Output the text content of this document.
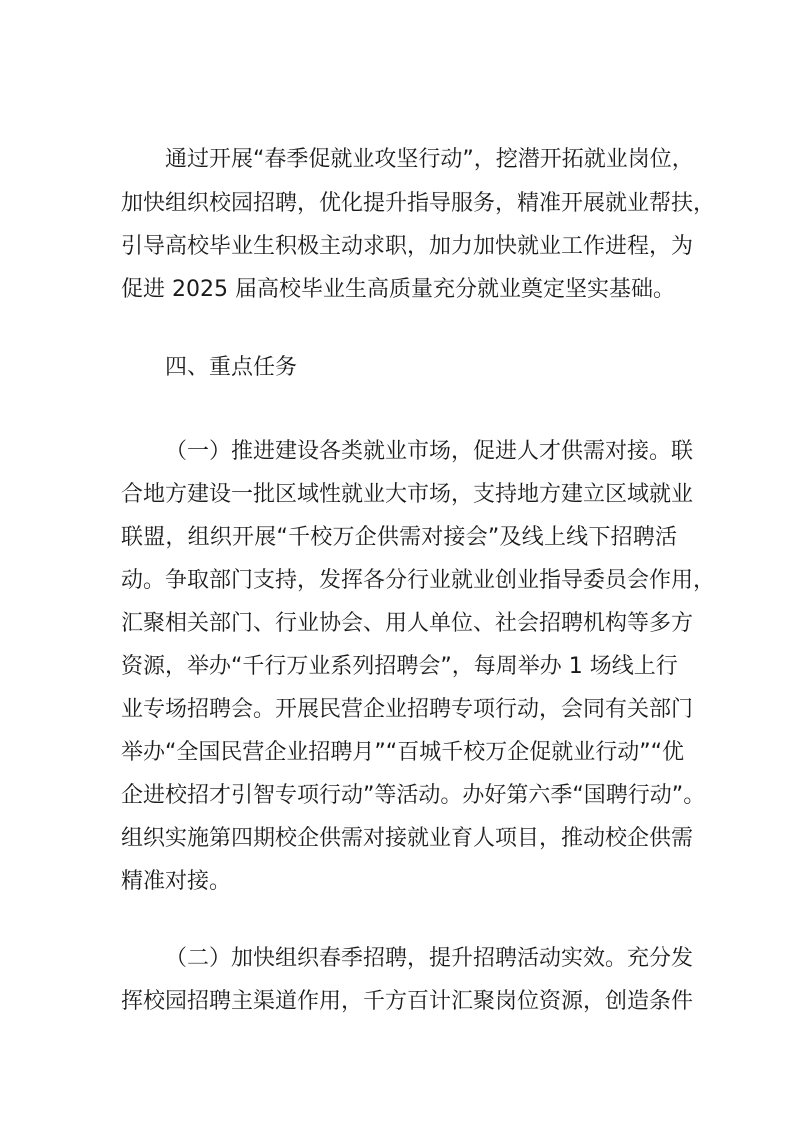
通过开展“春季促就业攻坚行动”，挖潜开拓就业岗位，
加快组织校园招聘，优化提升指导服务，精准开展就业帮扶，
引导高校毕业生积极主动求职，加力加快就业工作进程，为
促进 2025 届高校毕业生高质量充分就业奠定坚实基础。
四、重点任务
（一）推进建设各类就业市场，促进人才供需对接。联
合地方建设一批区域性就业大市场，支持地方建立区域就业
联盟，组织开展“千校万企供需对接会”及线上线下招聘活
动。争取部门支持，发挥各分行业就业创业指导委员会作用，
汇聚相关部门、行业协会、用人单位、社会招聘机构等多方
资源，举办“千行万业系列招聘会”，每周举办 1 场线上行
业专场招聘会。开展民营企业招聘专项行动，会同有关部门
举办“全国民营企业招聘月”“百城千校万企促就业行动”“优
企进校招才引智专项行动”等活动。办好第六季“国聘行动”。
组织实施第四期校企供需对接就业育人项目，推动校企供需
精准对接。
（二）加快组织春季招聘，提升招聘活动实效。充分发
挥校园招聘主渠道作用，千方百计汇聚岗位资源，创造条件
